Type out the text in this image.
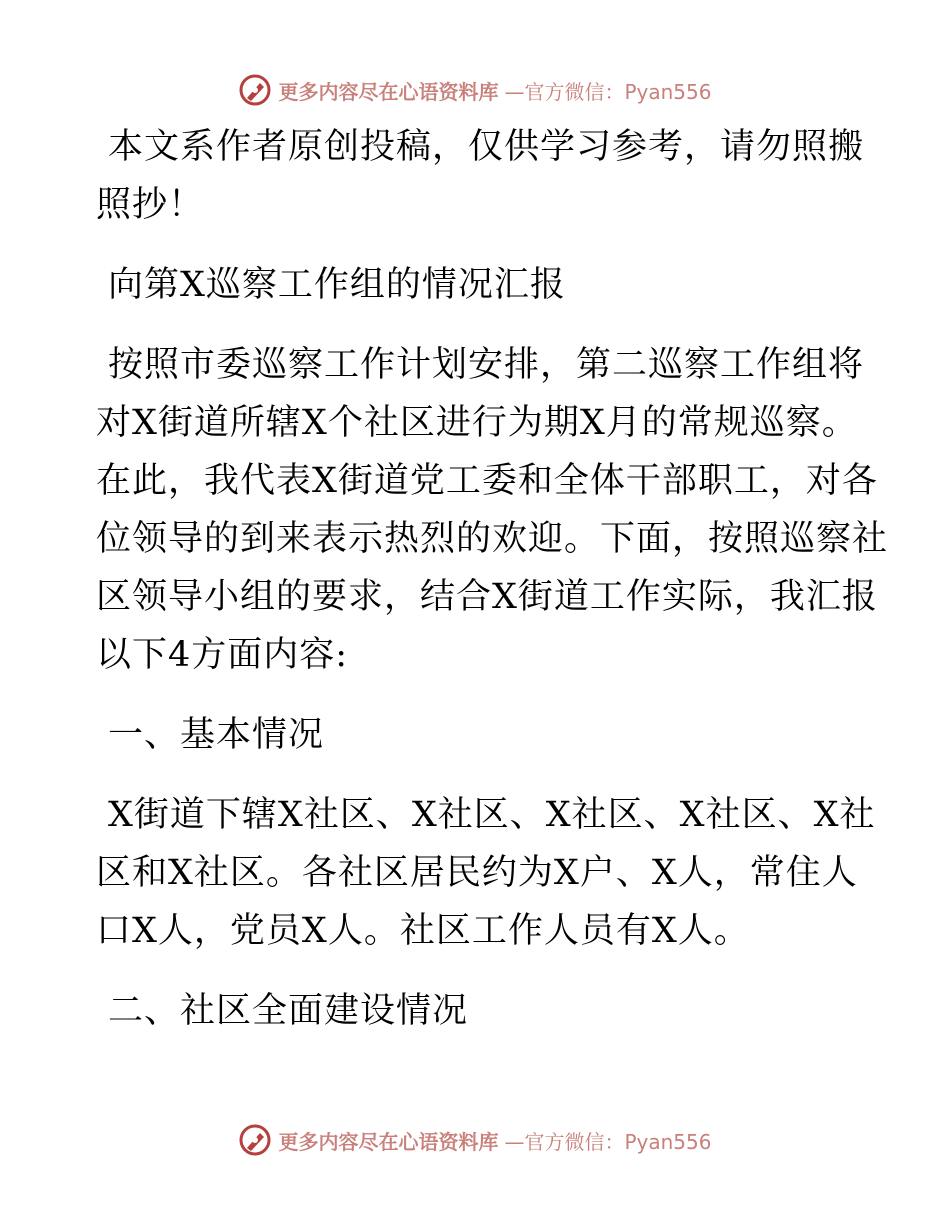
更多内容尽在心语资料库 —官方微信：Pyan556

本文系作者原创投稿，仅供学习参考，请勿照搬
照抄！

向第X巡察工作组的情况汇报

按照市委巡察工作计划安排，第二巡察工作组将
对X街道所辖X个社区进行为期X月的常规巡察。
在此，我代表X街道党工委和全体干部职工，对各
位领导的到来表示热烈的欢迎。下面，按照巡察社
区领导小组的要求，结合X街道工作实际，我汇报
以下4方面内容:

一、基本情况

X街道下辖X社区、X社区、X社区、X社区、X社
区和X社区。各社区居民约为X户、X人，常住人
口X人，党员X人。社区工作人员有X人。

二、社区全面建设情况

更多内容尽在心语资料库 —官方微信：Pyan556
